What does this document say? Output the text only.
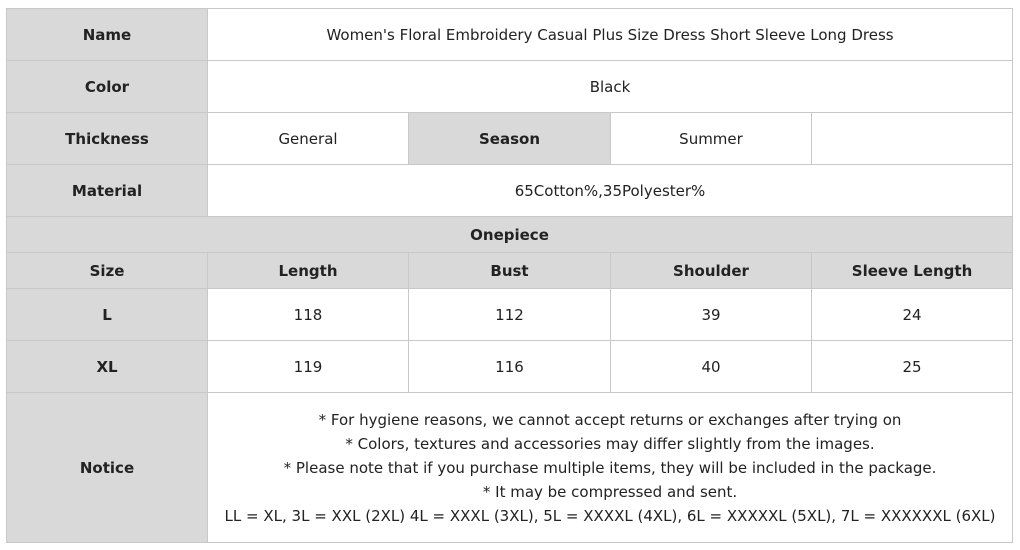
Name	Women's Floral Embroidery Casual Plus Size Dress Short Sleeve Long Dress			
Color	Black			
Thickness	General	Season	Summer	
Material	65Cotton%,35Polyester%			
Onepiece				
Size	Length	Bust	Shoulder	Sleeve Length
L	118	112	39	24
XL	119	116	40	25
Notice	* For hygiene reasons, we cannot accept returns or exchanges after trying on
* Colors, textures and accessories may differ slightly from the images.
* Please note that if you purchase multiple items, they will be included in the package.
* It may be compressed and sent.
LL = XL, 3L = XXL (2XL) 4L = XXXL (3XL), 5L = XXXXL (4XL), 6L = XXXXXL (5XL), 7L = XXXXXXL (6XL)			
